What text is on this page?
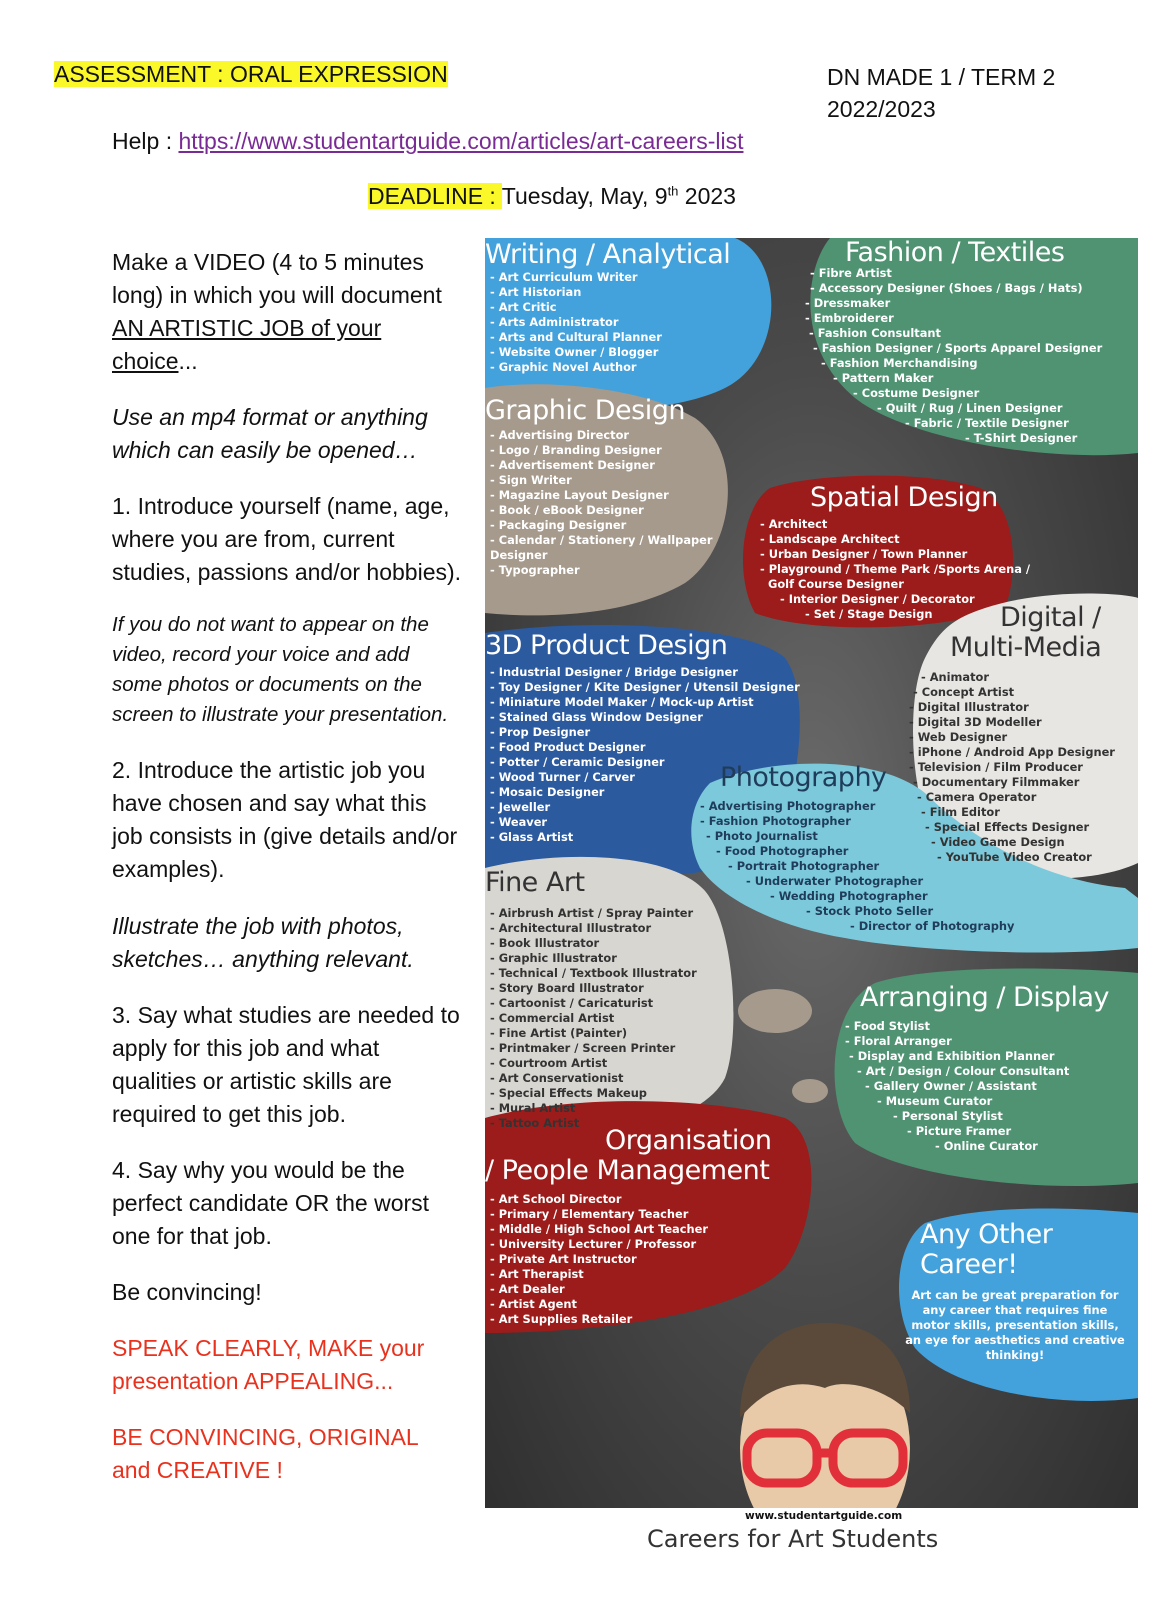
ASSESSMENT : ORAL EXPRESSION	DN MADE 1 / TERM 2
2022/2023
Help : https://www.studentartguide.com/articles/art-careers-list
DEADLINE : Tuesday, May, 9th 2023

Make a VIDEO (4 to 5 minutes long) in which you will document AN ARTISTIC JOB of your choice...

Use an mp4 format or anything which can easily be opened…

1. Introduce yourself (name, age, where you are from, current studies, passions and/or hobbies).

If you do not want to appear on the video, record your voice and add some photos or documents on the screen to illustrate your presentation.

2. Introduce the artistic job you have chosen and say what this job consists in (give details and/or examples).

Illustrate the job with photos, sketches… anything relevant.

3. Say what studies are needed to apply for this job and what qualities or artistic skills are required to get this job.

4. Say why you would be the perfect candidate OR the worst one for that job.

Be convincing!

SPEAK CLEARLY, MAKE your presentation APPEALING...

BE CONVINCING, ORIGINAL and CREATIVE !

Writing / Analytical
- Art Curriculum Writer
- Art Historian
- Art Critic
- Arts Administrator
- Arts and Cultural Planner
- Website Owner / Blogger
- Graphic Novel Author
Fashion / Textiles
- Fibre Artist
- Accessory Designer (Shoes / Bags / Hats)
- Dressmaker
- Embroiderer
- Fashion Consultant
- Fashion Designer / Sports Apparel Designer
- Fashion Merchandising
- Pattern Maker
- Costume Designer
- Quilt / Rug / Linen Designer
- Fabric / Textile Designer
- T-Shirt Designer
Graphic Design
- Advertising Director
- Logo / Branding Designer
- Advertisement Designer
- Sign Writer
- Magazine Layout Designer
- Book / eBook Designer
- Packaging Designer
- Calendar / Stationery / Wallpaper Designer
- Typographer
Spatial Design
- Architect
- Landscape Architect
- Urban Designer / Town Planner
- Playground / Theme Park /Sports Arena / Golf Course Designer
- Interior Designer / Decorator
- Set / Stage Design	Digital /
Multi-Media
- Animator
- Concept Artist
- Digital Illustrator
- Digital 3D Modeller
- Web Designer
- iPhone / Android App Designer
- Television / Film Producer
- Documentary Filmmaker
- Camera Operator
- Film Editor
- Special Effects Designer
- Video Game Design
- YouTube Video Creator
3D Product Design
- Industrial Designer / Bridge Designer
- Toy Designer / Kite Designer / Utensil Designer
- Miniature Model Maker / Mock-up Artist
- Stained Glass Window Designer
- Prop Designer
- Food Product Designer
- Potter / Ceramic Designer
- Wood Turner / Carver
- Mosaic Designer
- Jeweller
- Weaver
- Glass Artist
Photography
- Advertising Photographer
- Fashion Photographer
- Photo Journalist
- Food Photographer
- Portrait Photographer
- Underwater Photographer
- Wedding Photographer
- Stock Photo Seller
- Director of Photography
Fine Art
- Airbrush Artist / Spray Painter
- Architectural Illustrator
- Book Illustrator
- Graphic Illustrator
- Technical / Textbook Illustrator
- Story Board Illustrator
- Cartoonist / Caricaturist
- Commercial Artist
- Fine Artist (Painter)
- Printmaker / Screen Printer
- Courtroom Artist
- Art Conservationist
- Special Effects Makeup
- Mural Artist
- Tattoo Artist
Arranging / Display
- Food Stylist
- Floral Arranger
- Display and Exhibition Planner
- Art / Design / Colour Consultant
- Gallery Owner / Assistant
- Museum Curator
- Personal Stylist
- Picture Framer
- Online Curator
Organisation
/ People Management
- Art School Director
- Primary / Elementary Teacher
- Middle / High School Art Teacher
- University Lecturer / Professor
- Private Art Instructor
- Art Therapist
- Art Dealer
- Artist Agent
- Art Supplies Retailer
Any Other
Career!

Art can be great preparation for any career that requires fine motor skills, presentation skills, an eye for aesthetics and creative thinking!

www.studentartguide.com
Careers for Art Students
